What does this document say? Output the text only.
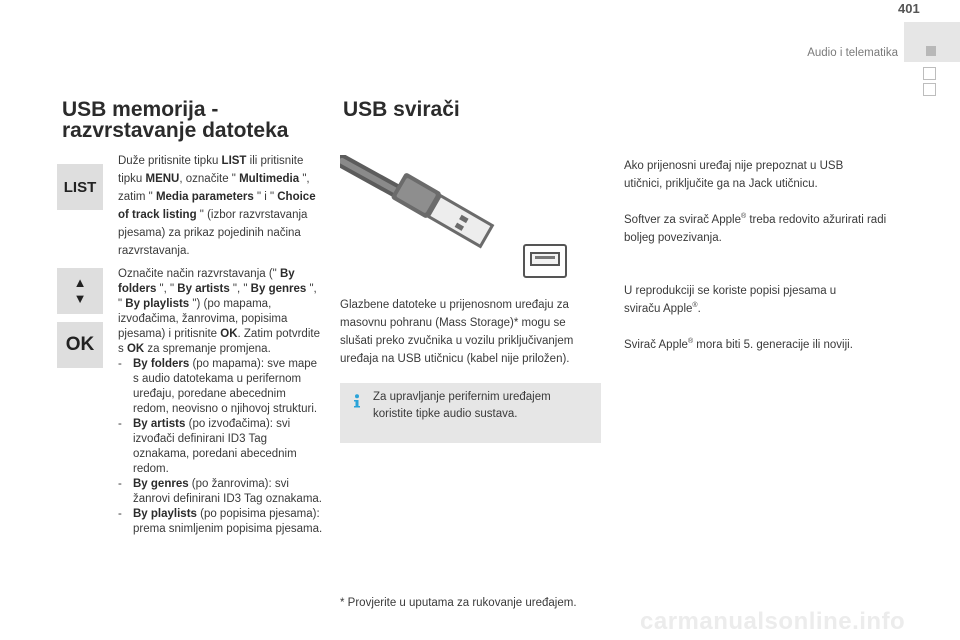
401
Audio i telematika
USB memorija -
razvrstavanje datoteka
LIST
▲
▼
OK
Duže pritisnite tipku LIST ili pritisnite tipku MENU, označite " Multimedia ", zatim " Media parameters " i " Choice of track listing " (izbor razvrstavanja pjesama) za prikaz pojedinih načina razvrstavanja.
Označite način razvrstavanja (" By folders ", " By artists ", " By genres ", " By playlists ") (po mapama, izvođačima, žanrovima, popisima pjesama) i pritisnite OK. Zatim potvrdite s OK za spremanje promjena.
- By folders (po mapama): sve mape s audio datotekama u perifernom uređaju, poredane abecednim redom, neovisno o njihovoj strukturi.
- By artists (po izvođačima): svi izvođači definirani ID3 Tag oznakama, poredani abecednim redom.
- By genres (po žanrovima): svi žanrovi definirani ID3 Tag oznakama.
- By playlists (po popisima pjesama): prema snimljenim popisima pjesama.
USB svirači
Glazbene datoteke u prijenosnom uređaju za masovnu pohranu (Mass Storage)* mogu se slušati preko zvučnika u vozilu priključivanjem uređaja na USB utičnicu (kabel nije priložen).
Za upravljanje perifernim uređajem koristite tipke audio sustava.
* Provjerite u uputama za rukovanje uređajem.
Ako prijenosni uređaj nije prepoznat u USB utičnici, priključite ga na Jack utičnicu.
Softver za svirač Apple® treba redovito ažurirati radi boljeg povezivanja.
U reprodukciji se koriste popisi pjesama u sviraču Apple®.
Svirač Apple® mora biti 5. generacije ili noviji.
carmanualsonline.info
